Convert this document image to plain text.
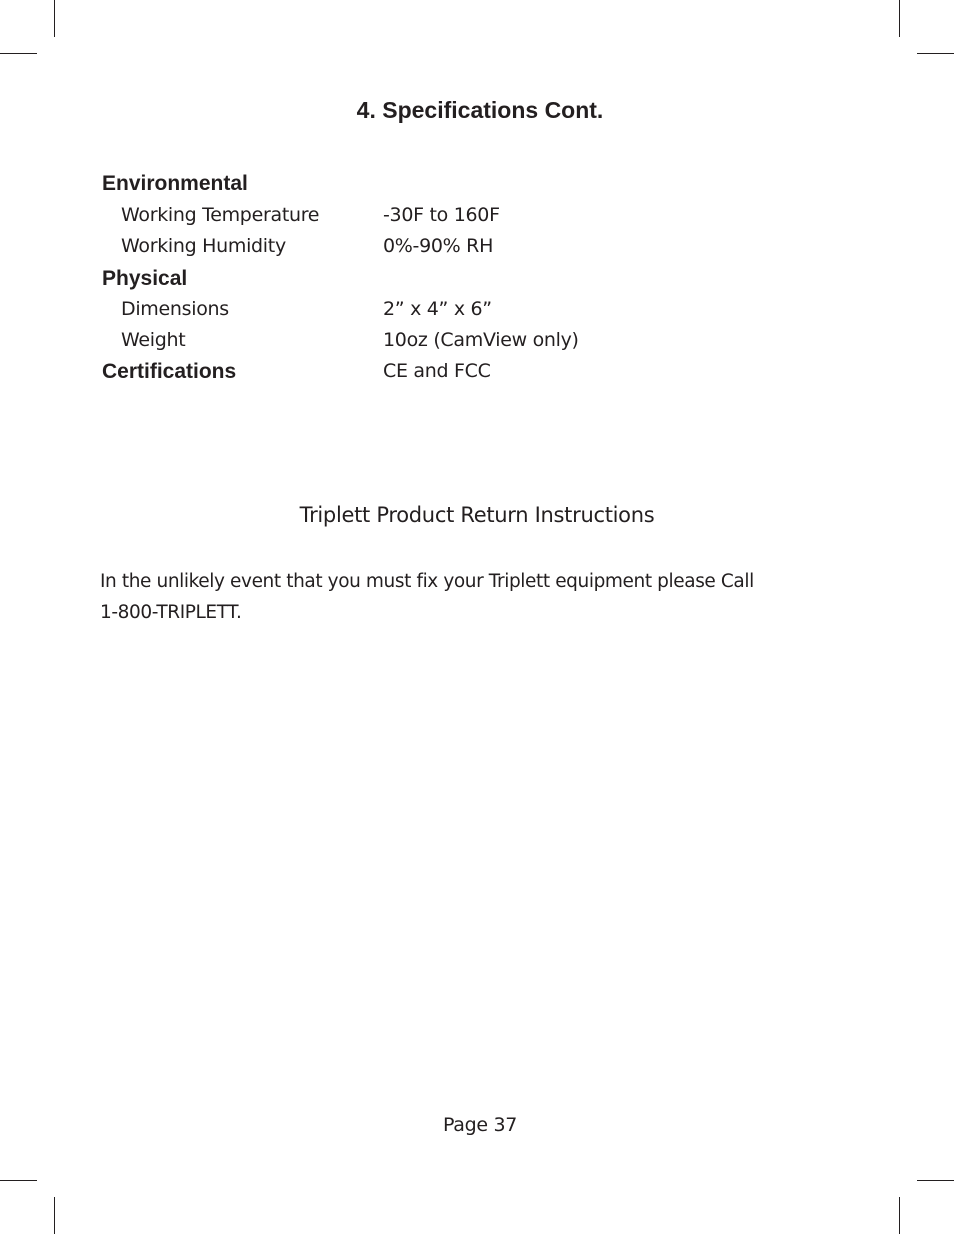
4. Specifications Cont.
Environmental
Working Temperature	-30F to 160F
Working Humidity	0%-90% RH
Physical
Dimensions	2” x 4” x 6”
Weight	10oz (CamView only)
Certifications	CE and FCC
Triplett Product Return Instructions

In the unlikely event that you must fix your Triplett equipment please Call
1-800-TRIPLETT.

Page 37
